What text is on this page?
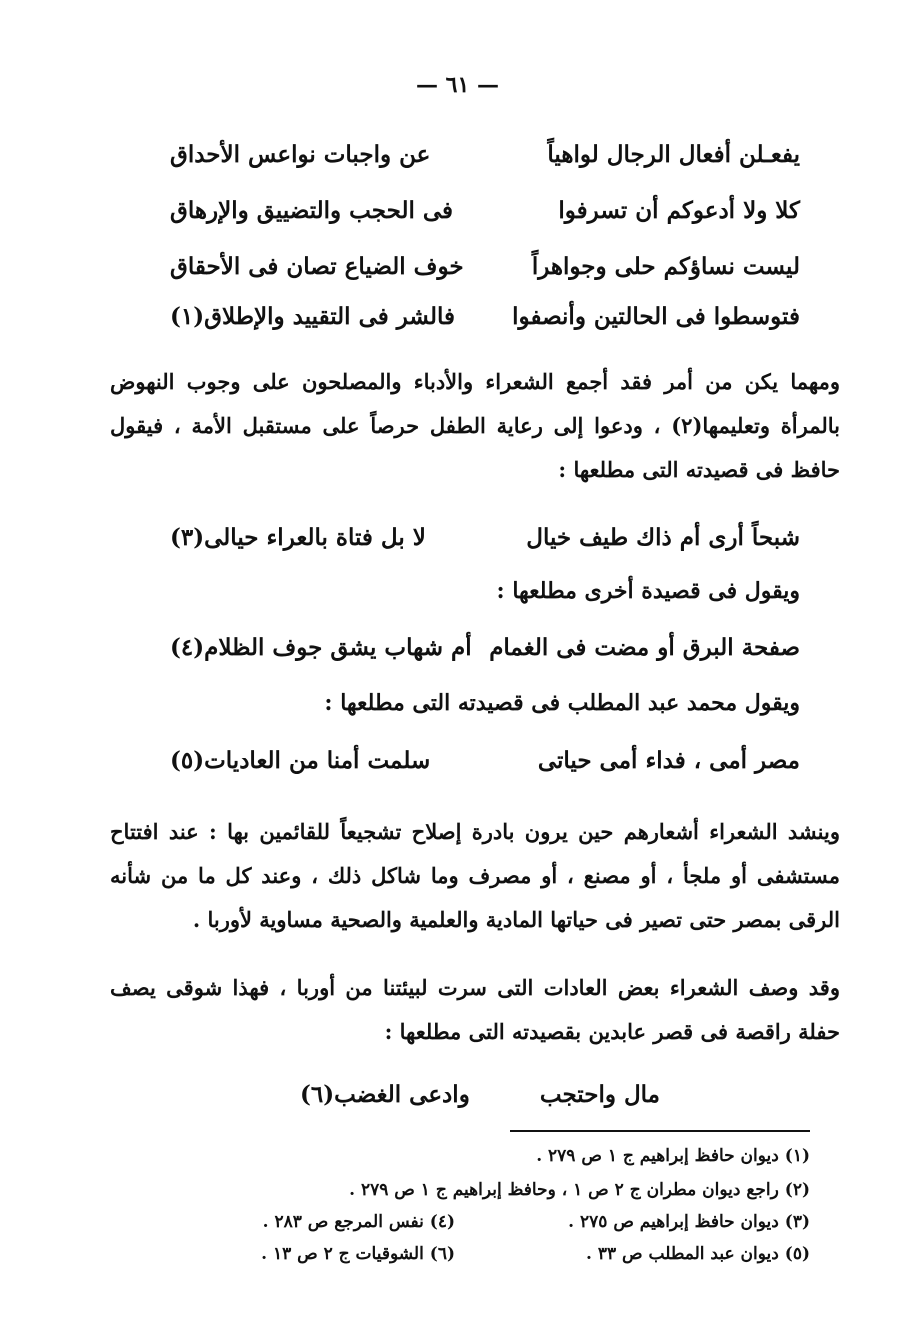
— ٦١ —
يفعـلن أفعال الرجال لواهياً
عن واجبات نواعس الأحداق
كلا ولا أدعوكم أن تسرفوا
فى الحجب والتضييق والإرهاق
ليست نساؤكم حلى وجواهراً
خوف الضياع تصان فى الأحقاق
فتوسطوا فى الحالتين وأنصفوا
فالشر فى التقييد والإطلاق(١)
ومهما يكن من أمر فقد أجمع الشعراء والأدباء والمصلحون على وجوب النهوض بالمرأة وتعليمها(٢) ، ودعوا إلى رعاية الطفل حرصاً على مستقبل الأمة ، فيقول حافظ فى قصيدته التى مطلعها :
شبحاً أرى أم ذاك طيف خيال
لا بل فتاة بالعراء حيالى(٣)
ويقول فى قصيدة أخرى مطلعها :
صفحة البرق أو مضت فى الغمام
أم شهاب يشق جوف الظلام(٤)
ويقول محمد عبد المطلب فى قصيدته التى مطلعها :
مصر أمى ، فداء أمى حياتى
سلمت أمنا من العاديات(٥)
وينشد الشعراء أشعارهم حين يرون بادرة إصلاح تشجيعاً للقائمين بها : عند افتتاح مستشفى أو ملجأ ، أو مصنع ، أو مصرف وما شاكل ذلك ، وعند كل ما من شأنه الرقى بمصر حتى تصير فى حياتها المادية والعلمية والصحية مساوية لأوربا .
وقد وصف الشعراء بعض العادات التى سرت لبيئتنا من أوربا ، فهذا شوقى يصف حفلة راقصة فى قصر عابدين بقصيدته التى مطلعها :
مال واحتجب
وادعى الغضب(٦)
(١) ديوان حافظ إبراهيم ج ١ ص ٢٧٩ .
(٢) راجع ديوان مطران ج ٢ ص ١ ، وحافظ إبراهيم ج ١ ص ٢٧٩ .
(٣) ديوان حافظ إبراهيم ص ٢٧٥ .
(٤) نفس المرجع ص ٢٨٣ .
(٥) ديوان عبد المطلب ص ٣٣ .
(٦) الشوقيات ج ٢ ص ١٣ .
